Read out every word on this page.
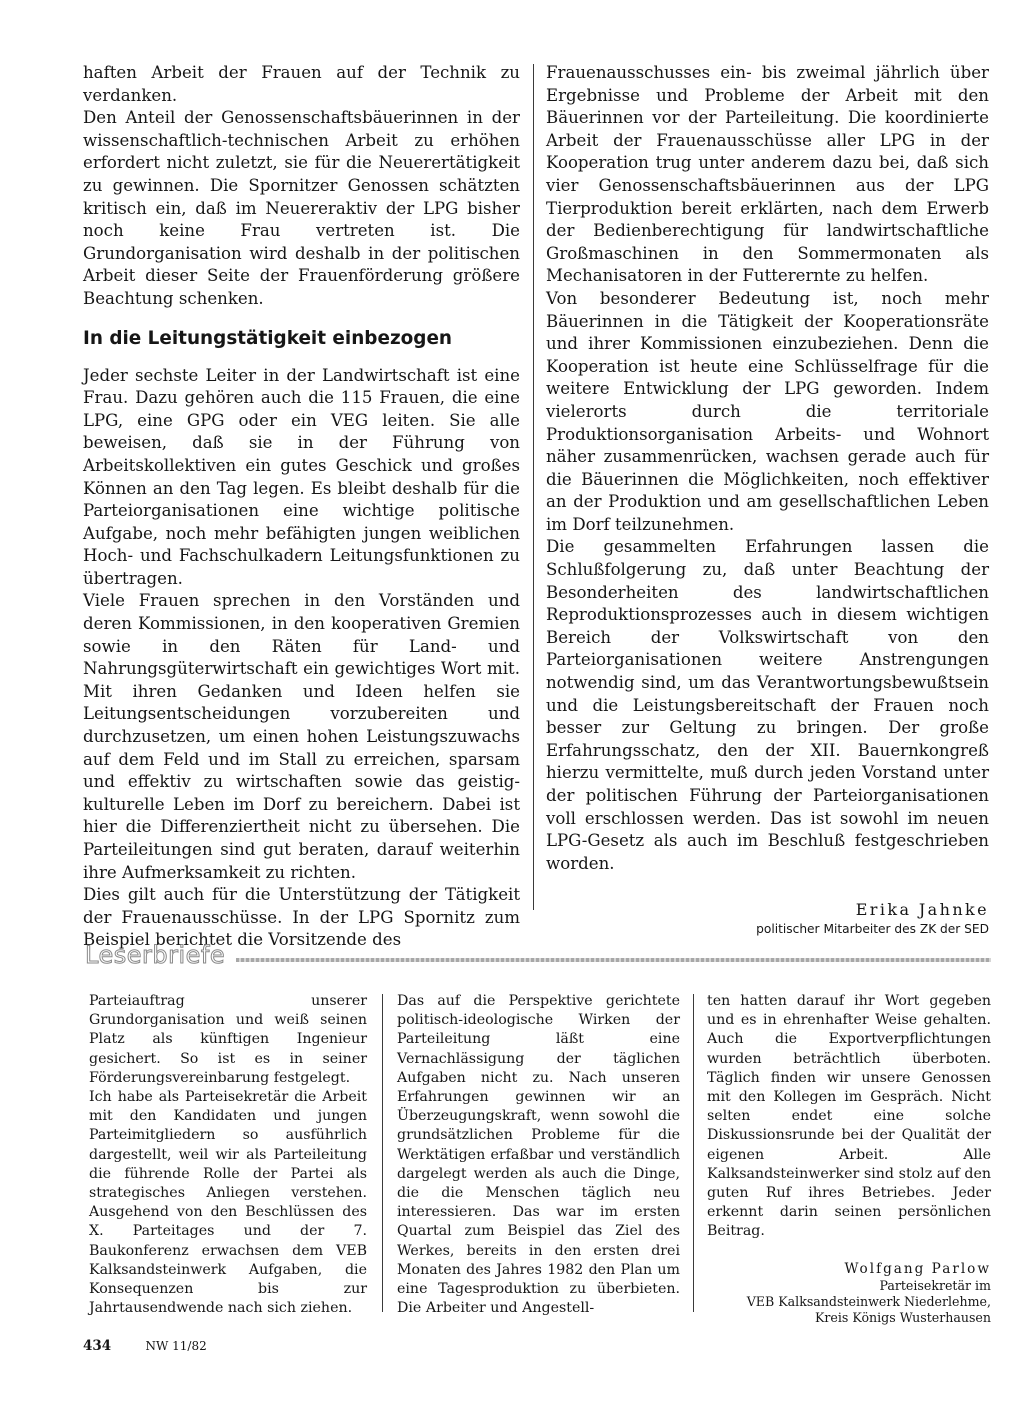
haften Arbeit der Frauen auf der Technik zu verdanken.

Den Anteil der Genossenschaftsbäuerinnen in der wissenschaftlich-technischen Arbeit zu erhöhen erfordert nicht zuletzt, sie für die Neuerertätigkeit zu gewinnen. Die Spornitzer Genossen schätzten kritisch ein, daß im Neuereraktiv der LPG bisher noch keine Frau vertreten ist. Die Grundorganisation wird deshalb in der politischen Arbeit dieser Seite der Frauenförderung größere Beachtung schenken.

In die Leitungstätigkeit einbezogen

Jeder sechste Leiter in der Landwirtschaft ist eine Frau. Dazu gehören auch die 115 Frauen, die eine LPG, eine GPG oder ein VEG leiten. Sie alle beweisen, daß sie in der Führung von Arbeitskollektiven ein gutes Geschick und großes Können an den Tag legen. Es bleibt deshalb für die Parteiorganisationen eine wichtige politische Aufgabe, noch mehr befähigten jungen weiblichen Hoch- und Fachschulkadern Leitungsfunktionen zu übertragen.

Viele Frauen sprechen in den Vorständen und deren Kommissionen, in den kooperativen Gremien sowie in den Räten für Land- und Nahrungsgüterwirtschaft ein gewichtiges Wort mit. Mit ihren Gedanken und Ideen helfen sie Leitungsentscheidungen vorzubereiten und durchzusetzen, um einen hohen Leistungszuwachs auf dem Feld und im Stall zu erreichen, sparsam und effektiv zu wirtschaften sowie das geistig-kulturelle Leben im Dorf zu bereichern. Dabei ist hier die Differenziertheit nicht zu übersehen. Die Parteileitungen sind gut beraten, darauf weiterhin ihre Aufmerksamkeit zu richten.

Dies gilt auch für die Unterstützung der Tätigkeit der Frauenausschüsse. In der LPG Spornitz zum Beispiel berichtet die Vorsitzende des

Frauenausschusses ein- bis zweimal jährlich über Ergebnisse und Probleme der Arbeit mit den Bäuerinnen vor der Parteileitung. Die koordinierte Arbeit der Frauenausschüsse aller LPG in der Kooperation trug unter anderem dazu bei, daß sich vier Genossenschaftsbäuerinnen aus der LPG Tierproduktion bereit erklärten, nach dem Erwerb der Bedienberechtigung für landwirtschaftliche Großmaschinen in den Sommermonaten als Mechanisatoren in der Futterernte zu helfen.

Von besonderer Bedeutung ist, noch mehr Bäuerinnen in die Tätigkeit der Kooperationsräte und ihrer Kommissionen einzubeziehen. Denn die Kooperation ist heute eine Schlüsselfrage für die weitere Entwicklung der LPG geworden. Indem vielerorts durch die territoriale Produktionsorganisation Arbeits- und Wohnort näher zusammenrücken, wachsen gerade auch für die Bäuerinnen die Möglichkeiten, noch effektiver an der Produktion und am gesellschaftlichen Leben im Dorf teilzunehmen.

Die gesammelten Erfahrungen lassen die Schlußfolgerung zu, daß unter Beachtung der Besonderheiten des landwirtschaftlichen Reproduktionsprozesses auch in diesem wichtigen Bereich der Volkswirtschaft von den Parteiorganisationen weitere Anstrengungen notwendig sind, um das Verantwortungsbewußtsein und die Leistungsbereitschaft der Frauen noch besser zur Geltung zu bringen. Der große Erfahrungsschatz, den der XII. Bauernkongreß hierzu vermittelte, muß durch jeden Vorstand unter der politischen Führung der Parteiorganisationen voll erschlossen werden. Das ist sowohl im neuen LPG-Gesetz als auch im Beschluß festgeschrieben worden.

Erika Jahnke
politischer Mitarbeiter des ZK der SED
Leserbriefe

Parteiauftrag unserer Grundorganisation und weiß seinen Platz als künftigen Ingenieur gesichert. So ist es in seiner Förderungsvereinbarung festgelegt.

Ich habe als Parteisekretär die Arbeit mit den Kandidaten und jungen Parteimitgliedern so ausführlich dargestellt, weil wir als Parteileitung die führende Rolle der Partei als strategisches Anliegen verstehen. Ausgehend von den Beschlüssen des X. Parteitages und der 7. Baukonferenz erwachsen dem VEB Kalksandsteinwerk Aufgaben, die Konsequenzen bis zur Jahrtausendwende nach sich ziehen.

Das auf die Perspektive gerichtete politisch-ideologische Wirken der Parteileitung läßt eine Vernachlässigung der täglichen Aufgaben nicht zu. Nach unseren Erfahrungen gewinnen wir an Überzeugungskraft, wenn sowohl die grundsätzlichen Probleme für die Werktätigen erfaßbar und verständlich dargelegt werden als auch die Dinge, die die Menschen täglich neu interessieren. Das war im ersten Quartal zum Beispiel das Ziel des Werkes, bereits in den ersten drei Monaten des Jahres 1982 den Plan um eine Tagesproduktion zu überbieten. Die Arbeiter und Angestell-

ten hatten darauf ihr Wort gegeben und es in ehrenhafter Weise gehalten. Auch die Exportverpflichtungen wurden beträchtlich überboten. Täglich finden wir unsere Genossen mit den Kollegen im Gespräch. Nicht selten endet eine solche Diskussionsrunde bei der Qualität der eigenen Arbeit. Alle Kalksandsteinwerker sind stolz auf den guten Ruf ihres Betriebes. Jeder erkennt darin seinen persönlichen Beitrag.

Wolfgang Parlow
Parteisekretär im
VEB Kalksandsteinwerk Niederlehme,
Kreis Königs Wusterhausen
434	NW 11/82
